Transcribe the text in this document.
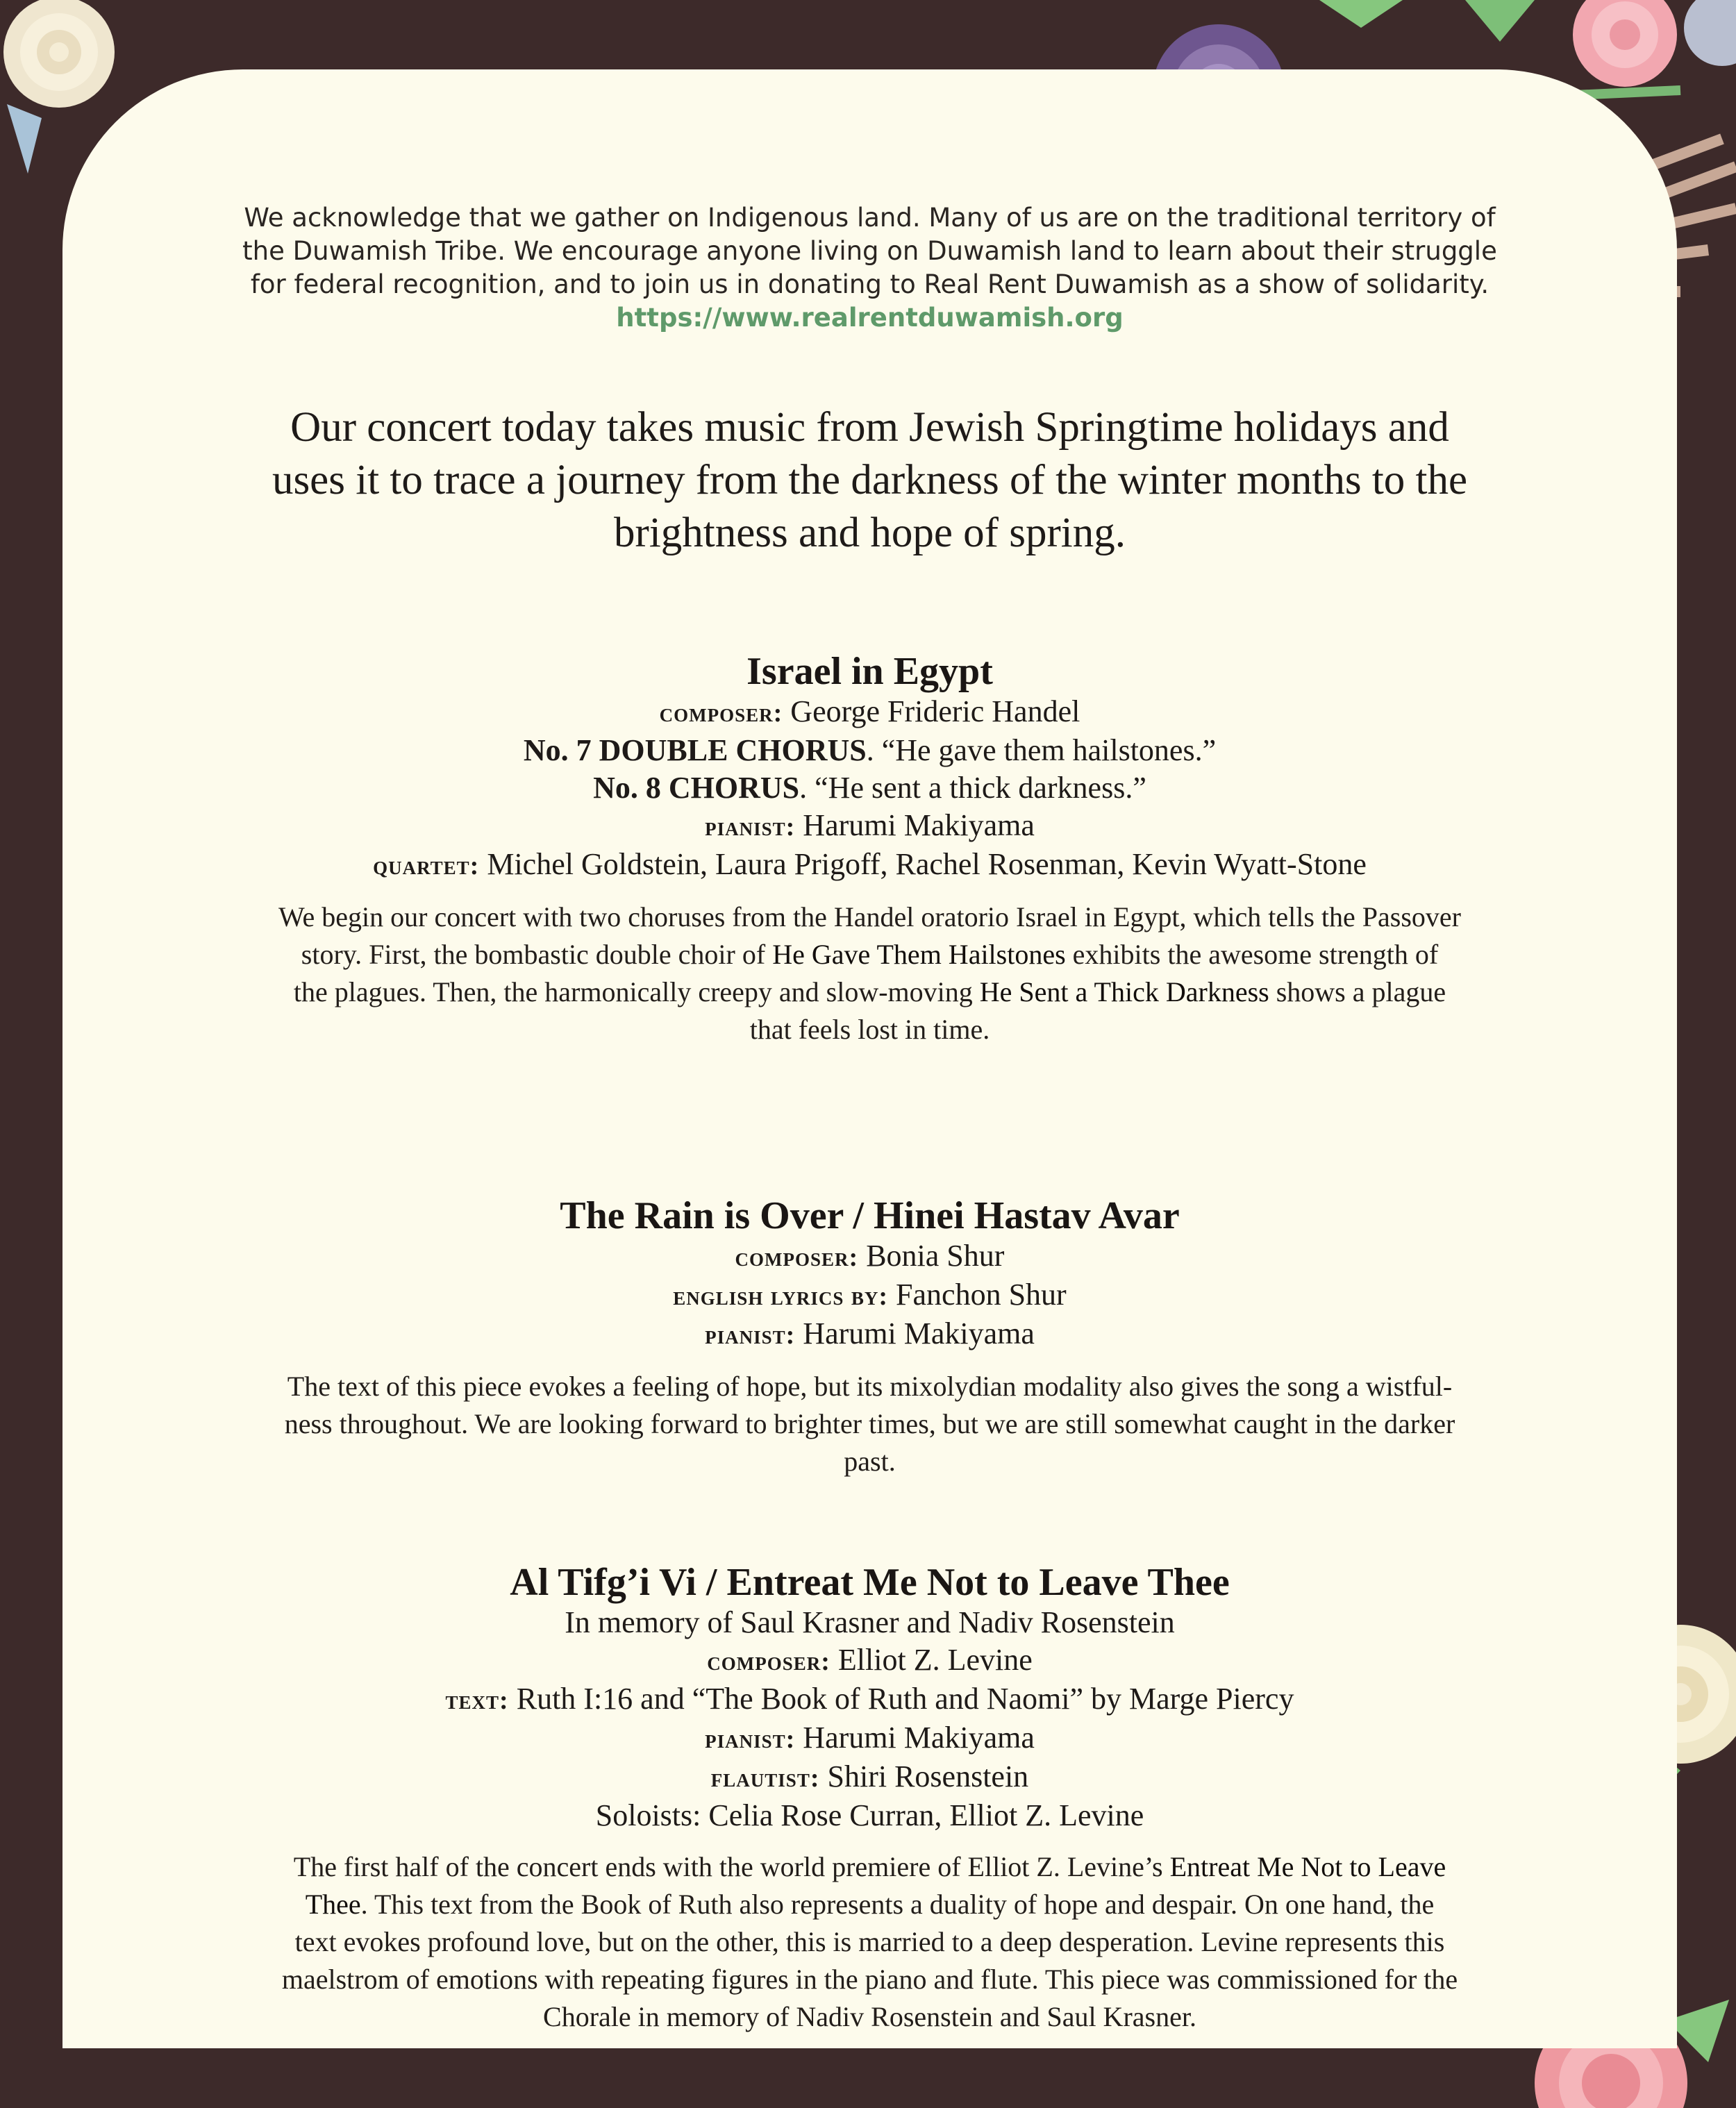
We acknowledge that we gather on Indigenous land. Many of us are on the traditional territory of
the Duwamish Tribe. We encourage anyone living on Duwamish land to learn about their struggle
for federal recognition, and to join us in donating to Real Rent Duwamish as a show of solidarity.
https://www.realrentduwamish.org
Our concert today takes music from Jewish Springtime holidays and
uses it to trace a journey from the darkness of the winter months to the
brightness and hope of spring.
Israel in Egypt
composer: George Frideric Handel
No. 7 DOUBLE CHORUS. “He gave them hailstones.”
No. 8 CHORUS. “He sent a thick darkness.”
pianist: Harumi Makiyama
quartet: Michel Goldstein, Laura Prigoff, Rachel Rosenman, Kevin Wyatt-Stone
We begin our concert with two choruses from the Handel oratorio Israel in Egypt, which tells the Passover
story. First, the bombastic double choir of He Gave Them Hailstones exhibits the awesome strength of
the plagues. Then, the harmonically creepy and slow-moving He Sent a Thick Darkness shows a plague
that feels lost in time.
The Rain is Over / Hinei Hastav Avar
composer: Bonia Shur
english lyrics by: Fanchon Shur
pianist: Harumi Makiyama
The text of this piece evokes a feeling of hope, but its mixolydian modality also gives the song a wistful-
ness throughout. We are looking forward to brighter times, but we are still somewhat caught in the darker
past.
Al Tifg’i Vi / Entreat Me Not to Leave Thee
In memory of Saul Krasner and Nadiv Rosenstein
composer: Elliot Z. Levine
text: Ruth I:16 and “The Book of Ruth and Naomi” by Marge Piercy
pianist: Harumi Makiyama
flautist: Shiri Rosenstein
Soloists: Celia Rose Curran, Elliot Z. Levine
The first half of the concert ends with the world premiere of Elliot Z. Levine’s Entreat Me Not to Leave
Thee. This text from the Book of Ruth also represents a duality of hope and despair. On one hand, the
text evokes profound love, but on the other, this is married to a deep desperation. Levine represents this
maelstrom of emotions with repeating figures in the piano and flute. This piece was commissioned for the
Chorale in memory of Nadiv Rosenstein and Saul Krasner.
